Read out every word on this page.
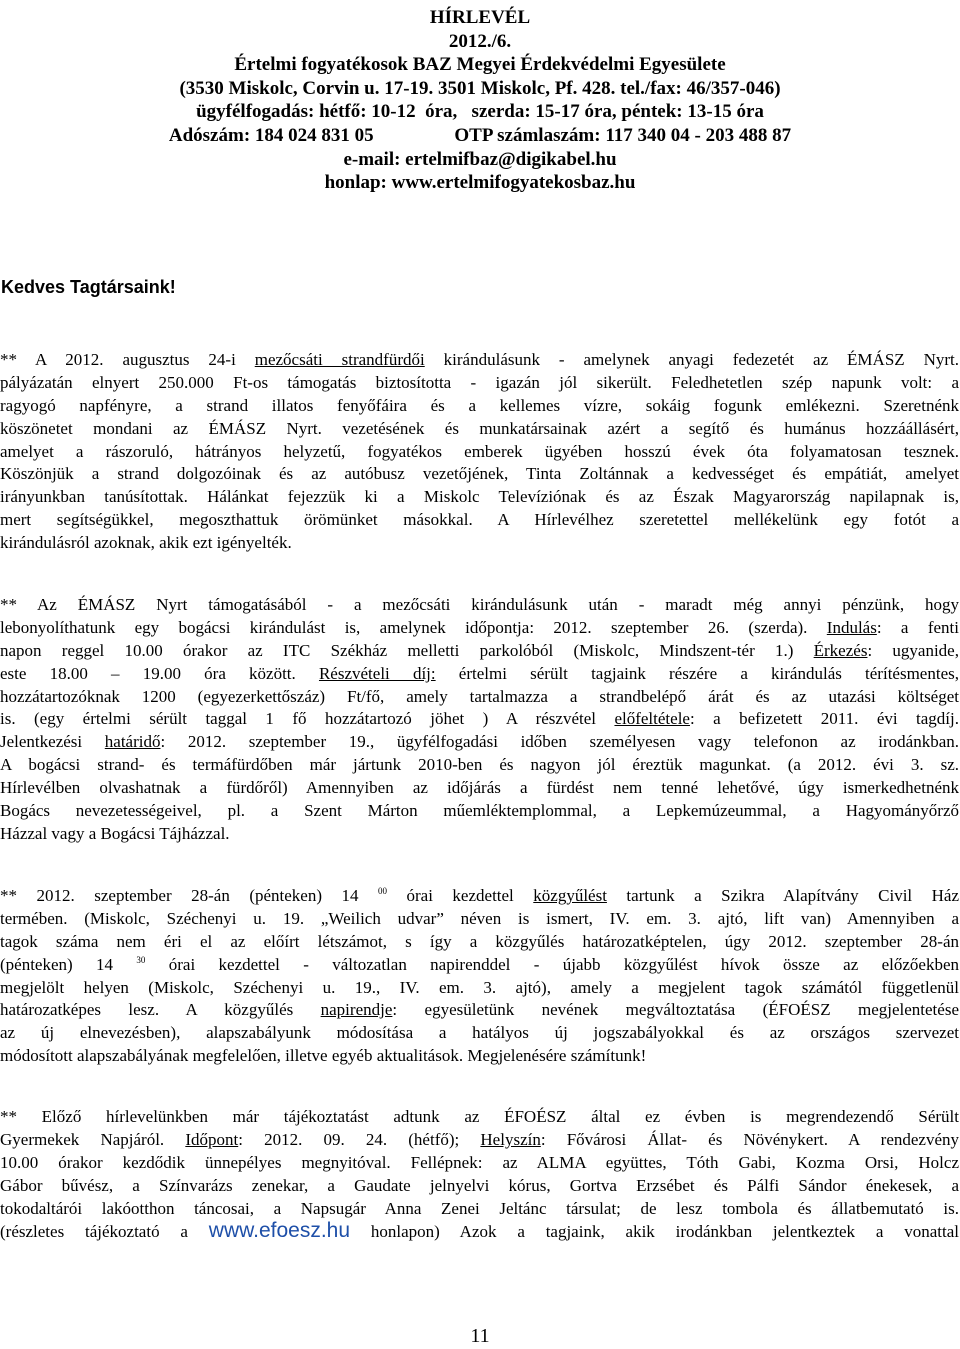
HÍRLEVÉL
2012./6.
Értelmi fogyatékosok BAZ Megyei Érdekvédelmi Egyesülete
(3530 Miskolc, Corvin u. 17-19. 3501 Miskolc, Pf. 428. tel./fax: 46/357-046)
ügyfélfogadás: hétfő: 10-12  óra,   szerda: 15-17 óra, péntek: 13-15 óra
Adószám: 184 024 831 05                 OTP számlaszám: 117 340 04 - 203 488 87
e-mail: ertelmifbaz@digikabel.hu
honlap: www.ertelmifogyatekosbaz.hu
Kedves Tagtársaink!
** A 2012. augusztus 24-i mezőcsáti strandfürdői kirándulásunk - amelynek anyagi fedezetét az ÉMÁSZ Nyrt.
pályázatán elnyert 250.000 Ft-os támogatás biztosította - igazán jól sikerült. Feledhetetlen szép napunk volt: a
ragyogó napfényre, a strand illatos fenyőfáira és a kellemes vízre, sokáig fogunk emlékezni. Szeretnénk
köszönetet mondani az ÉMÁSZ Nyrt. vezetésének és munkatársainak azért a segítő és humánus hozzáállásért,
amelyet a rászoruló, hátrányos helyzetű, fogyatékos emberek ügyében hosszú évek óta folyamatosan tesznek.
Köszönjük a strand dolgozóinak és az autóbusz vezetőjének, Tinta Zoltánnak a kedvességet és empátiát, amelyet
irányunkban tanúsítottak. Hálánkat fejezzük ki a Miskolc Televíziónak és az Észak Magyarország napilapnak is,
mert segítségükkel, megoszthattuk örömünket másokkal. A Hírlevélhez szeretettel mellékelünk egy fotót a
kirándulásról azoknak, akik ezt igényelték.
** Az ÉMÁSZ Nyrt támogatásából - a mezőcsáti kirándulásunk után - maradt még annyi pénzünk, hogy
lebonyolíthatunk egy bogácsi kirándulást is, amelynek időpontja: 2012. szeptember 26. (szerda). Indulás: a fenti
napon reggel 10.00 órakor az ITC Székház melletti parkolóból (Miskolc, Mindszent-tér 1.) Érkezés: ugyanide,
este 18.00 – 19.00 óra között. Részvételi díj: értelmi sérült tagjaink részére a kirándulás térítésmentes,
hozzátartozóknak 1200 (egyezerkettőszáz) Ft/fő, amely tartalmazza a strandbelépő árát és az utazási költséget
is. (egy értelmi sérült taggal 1 fő hozzátartozó jöhet ) A részvétel előfeltétele: a befizetett 2011. évi tagdíj.
Jelentkezési határidő: 2012. szeptember 19., ügyfélfogadási időben személyesen vagy telefonon az irodánkban.
A bogácsi strand- és termáfürdőben már jártunk 2010-ben és nagyon jól éreztük magunkat. (a 2012. évi 3. sz.
Hírlevélben olvashatnak a fürdőről) Amennyiben az időjárás a fürdést nem tenné lehetővé, úgy ismerkedhetnénk
Bogács nevezetességeivel, pl. a Szent Márton műemléktemplommal, a Lepkemúzeummal, a Hagyományőrző
Házzal vagy a Bogácsi Tájházzal.
** 2012. szeptember 28-án (pénteken) 14 $^{00}$ órai kezdettel közgyűlést tartunk a Szikra Alapítvány Civil Ház
termében. (Miskolc, Széchenyi u. 19. „Weilich udvar” néven is ismert, IV. em. 3. ajtó, lift van) Amennyiben a
tagok száma nem éri el az előírt létszámot, s így a közgyűlés határozatképtelen, úgy 2012. szeptember 28-án
(pénteken) 14 $^{30}$ órai kezdettel - változatlan napirenddel - újabb közgyűlést hívok össze az előzőekben
megjelölt helyen (Miskolc, Széchenyi u. 19., IV. em. 3. ajtó), amely a megjelent tagok számától függetlenül
határozatképes lesz. A közgyűlés napirendje: egyesületünk nevének megváltoztatása (ÉFOÉSZ megjelentetése
az új elnevezésben), alapszabályunk módosítása a hatályos új jogszabályokkal és az országos szervezet
módosított alapszabályának megfelelően, illetve egyéb aktualitások. Megjelenésére számítunk!
** Előző hírlevelünkben már tájékoztatást adtunk az ÉFOÉSZ által ez évben is megrendezendő Sérült
Gyermekek Napjáról. Időpont: 2012. 09. 24. (hétfő); Helyszín: Fővárosi Állat- és Növénykert. A rendezvény
10.00 órakor kezdődik ünnepélyes megnyitóval. Fellépnek: az ALMA együttes, Tóth Gabi, Kozma Orsi, Holcz
Gábor bűvész, a Színvarázs zenekar, a Gaudate jelnyelvi kórus, Gortva Erzsébet és Pálfi Sándor énekesek, a
tokodaltárói lakóotthon táncosai, a Napsugár Anna Zenei Jeltánc társulat; de lesz tombola és állatbemutató is.
(részletes tájékoztató a www.efoesz.hu honlapon) Azok a tagjaink, akik irodánkban jelentkeztek a vonattal
11
